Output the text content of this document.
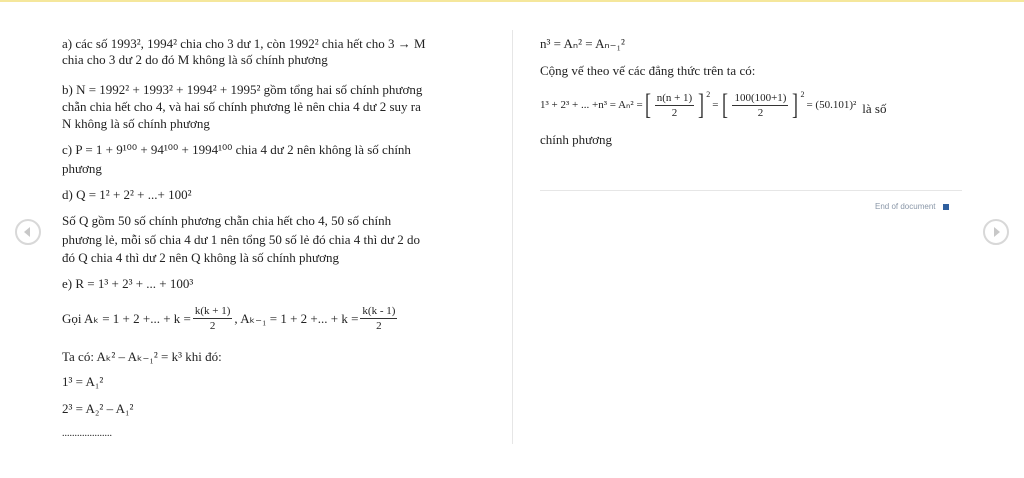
a) các số 1993², 1994² chia cho 3 dư 1, còn 1992² chia hết cho 3 → M
chia cho 3 dư 2 do đó M không là số chính phương
b) N = 1992² + 1993² + 1994² + 1995² gồm tổng hai số chính phương
chẵn chia hết cho 4, và hai số chính phương lẻ nên chia 4 dư 2 suy ra
N không là số chính phương
c) P = 1 + 9¹⁰⁰ + 94¹⁰⁰ + 1994¹⁰⁰ chia 4 dư 2 nên không là số chính
phương
d) Q = 1² + 2² + ...+ 100²
Số Q gồm 50 số chính phương chẵn chia hết cho 4, 50 số chính
phương lẻ, mỗi số chia 4 dư 1 nên tổng 50 số lẻ đó chia 4 thì dư 2 do
đó Q chia 4 thì dư 2 nên Q không là số chính phương
e) R = 1³ + 2³ + ... + 100³
Gọi Aₖ = 1 + 2 +... + $k = \frac{k(k + 1)}{2}$ , Aₖ₋₁ = 1 + 2 +... + $k = \frac{k(k - 1)}{2}$
Ta có: Aₖ² – Aₖ₋₁² = k³ khi đó:
1³ = A₁²
2³ = A₂² – A₁²
....................
n³ = Aₙ² = Aₙ₋₁²
Cộng vế theo vế các đẳng thức trên ta có:
1³ + 2³ + ... +n³ = Aₙ² = [ $\frac{n(n + 1)}{2}$ ] $^2$
= [ $\frac{100(100+1)}{2}$ ] $^2$
= (50.101)² là số
chính phương
End of document
